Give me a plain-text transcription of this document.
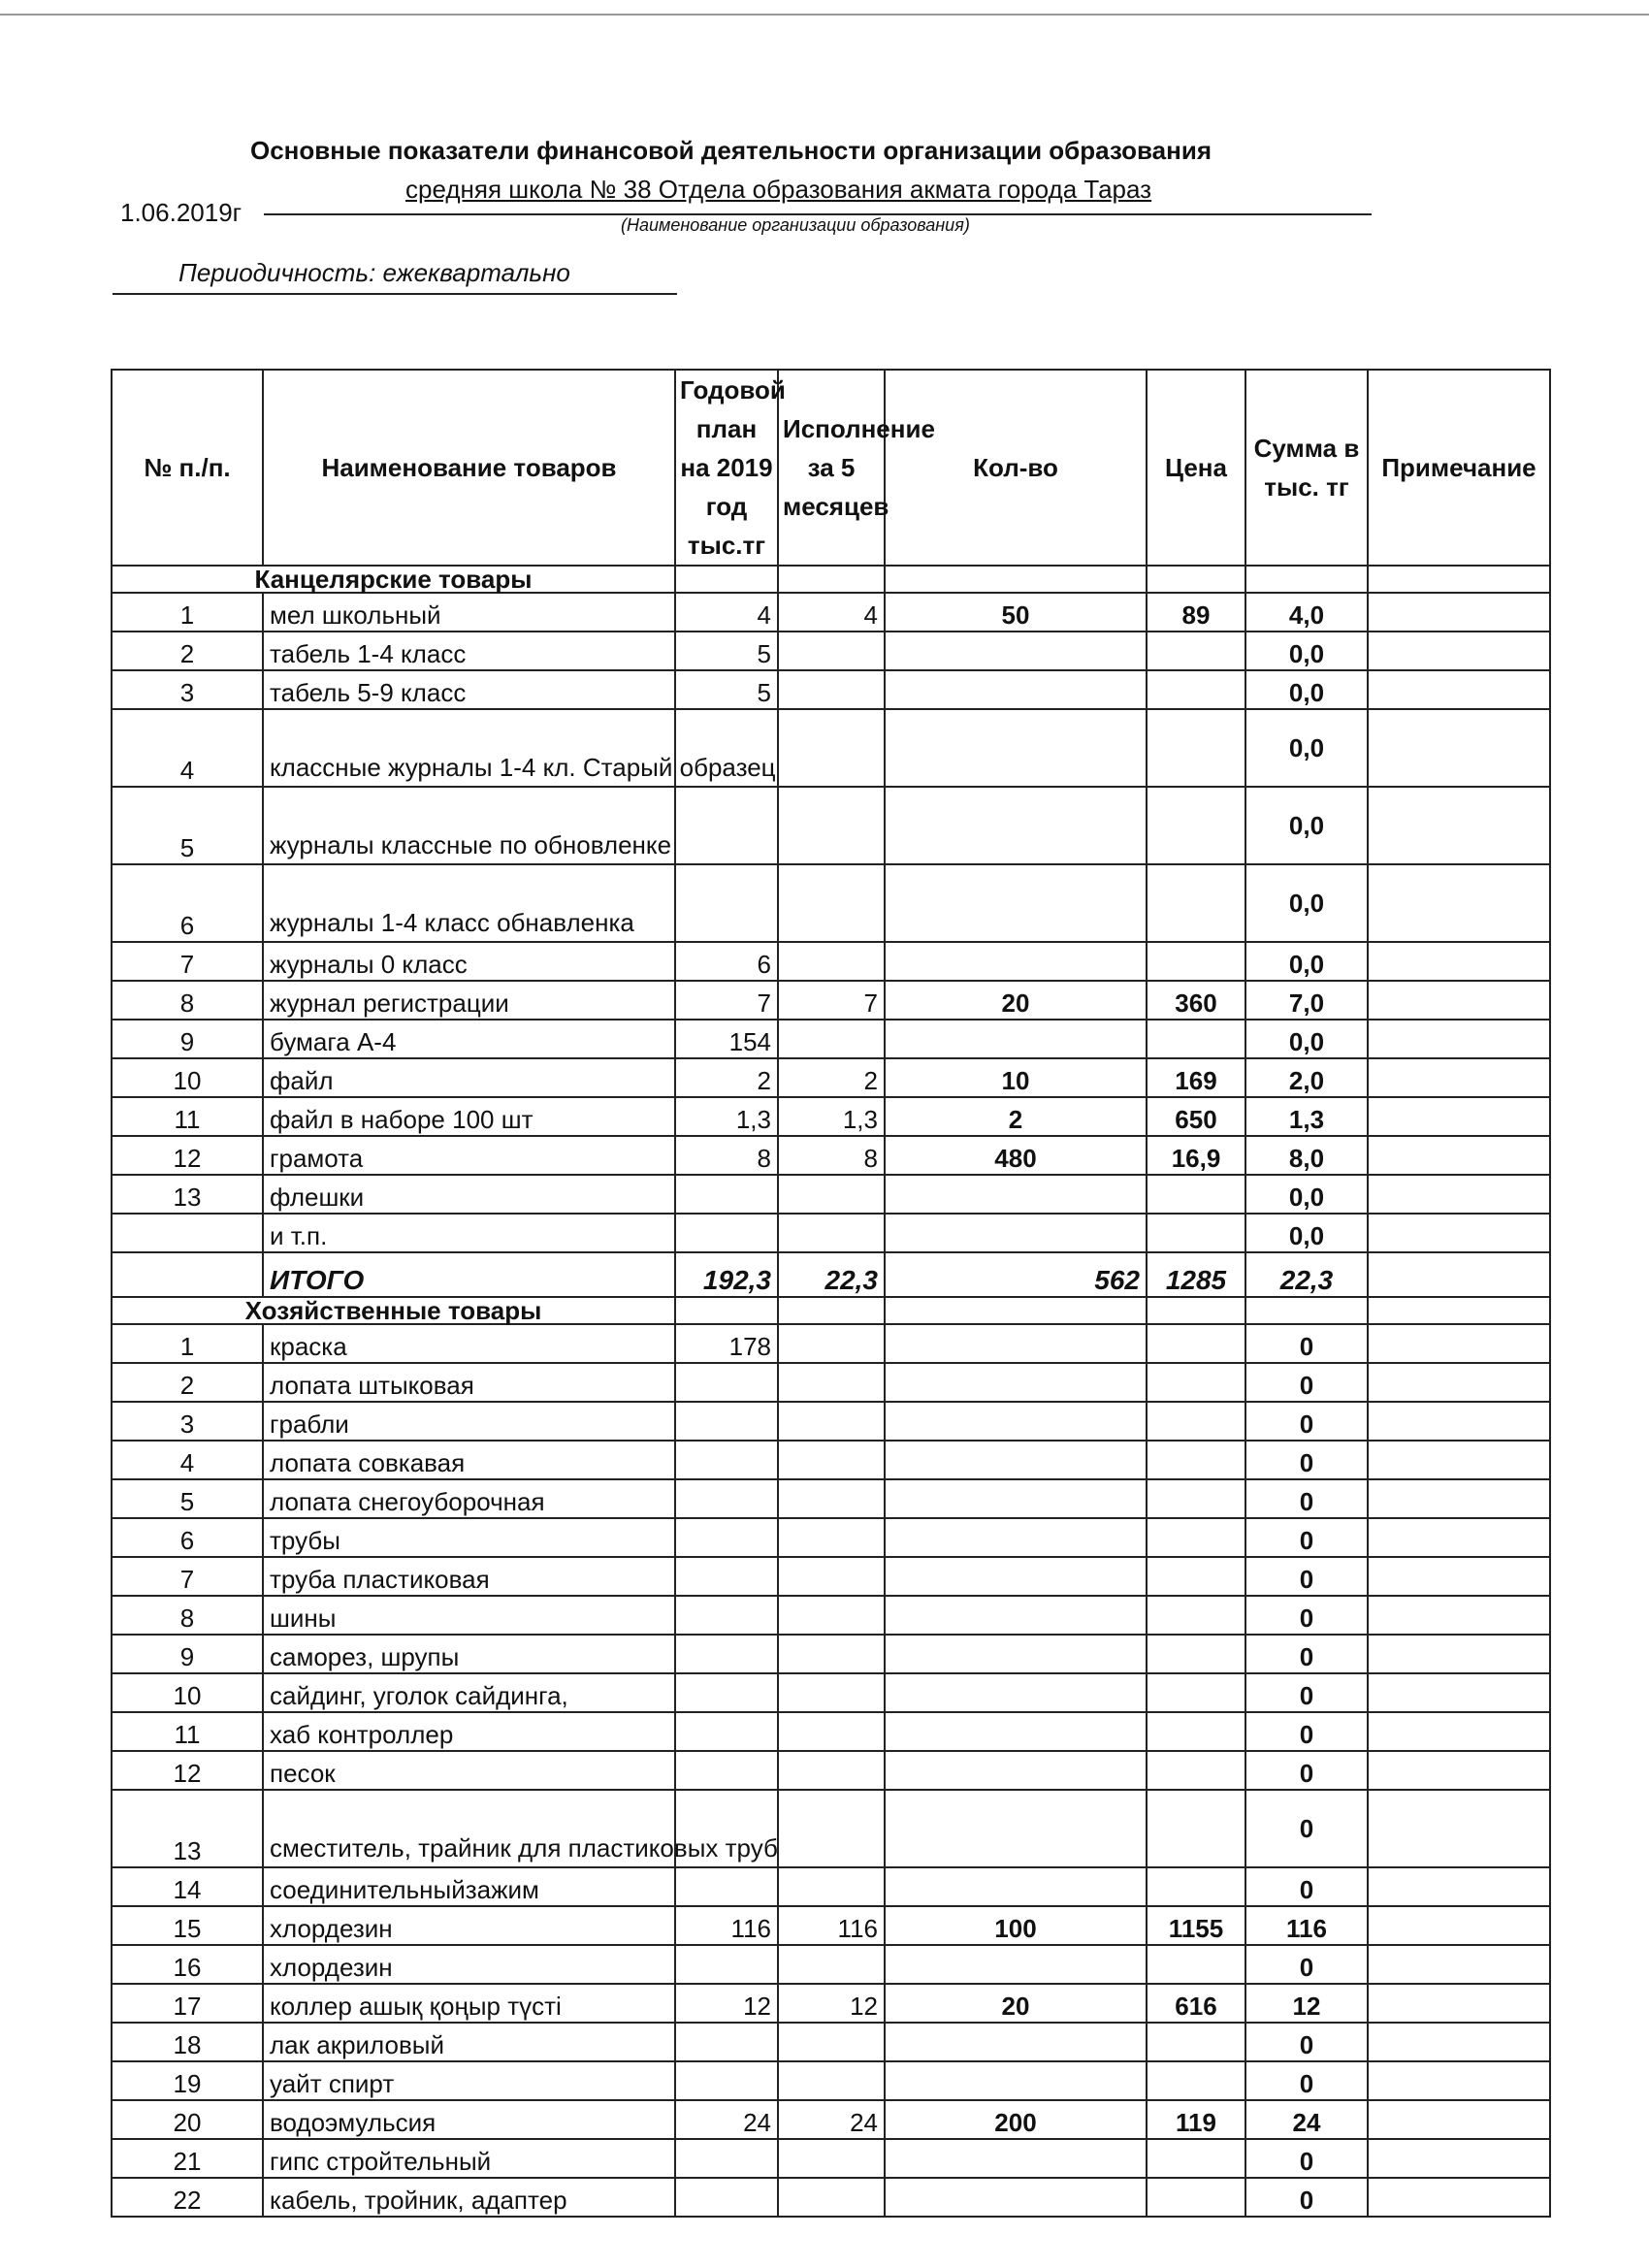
Основные показатели финансовой деятельности организации образования
средняя школа № 38 Отдела образования акмата города Тараз
1.06.2019г	(Наименование организации образования)
Периодичность: ежеквартально
№ п./п.	Наименование товаров	Годовой план на 2019 год тыс.тг	Исполнение за 5 месяцев	Кол-во	Цена	Сумма в тыс. тг	Примечание
Канцелярские товары							
1	мел школьный	4	4	50	89	4,0	
2	табель 1-4 класс	5				0,0	
3	табель 5-9 класс	5				0,0	
4	классные журналы 1-4 кл. Старый образец					0,0	
5	журналы классные по обновленке					0,0	
6	журналы 1-4 класс обнавленка					0,0	
7	журналы 0 класс	6				0,0	
8	журнал регистрации	7	7	20	360	7,0	
9	бумага А-4	154				0,0	
10	файл	2	2	10	169	2,0	
11	файл в наборе 100 шт	1,3	1,3	2	650	1,3	
12	грамота	8	8	480	16,9	8,0	
13	флешки					0,0	
	и т.п.					0,0	
	ИТОГО	192,3	22,3	562	1285	22,3	
Хозяйственные товары							
1	краска	178				0	
2	лопата штыковая					0	
3	грабли					0	
4	лопата совкавая					0	
5	лопата снегоуборочная					0	
6	трубы					0	
7	труба пластиковая					0	
8	шины					0	
9	саморез, шрупы					0	
10	сайдинг, уголок сайдинга,					0	
11	хаб контроллер					0	
12	песок					0	
13	сместитель, трайник для пластиковых труб					0	
14	соединительныйзажим					0	
15	хлордезин	116	116	100	1155	116	
16	хлордезин					0	
17	коллер ашық қоңыр түсті	12	12	20	616	12	
18	лак акриловый					0	
19	уайт спирт					0	
20	водоэмульсия	24	24	200	119	24	
21	гипс стройтельный					0	
22	кабель, тройник, адаптер					0	
